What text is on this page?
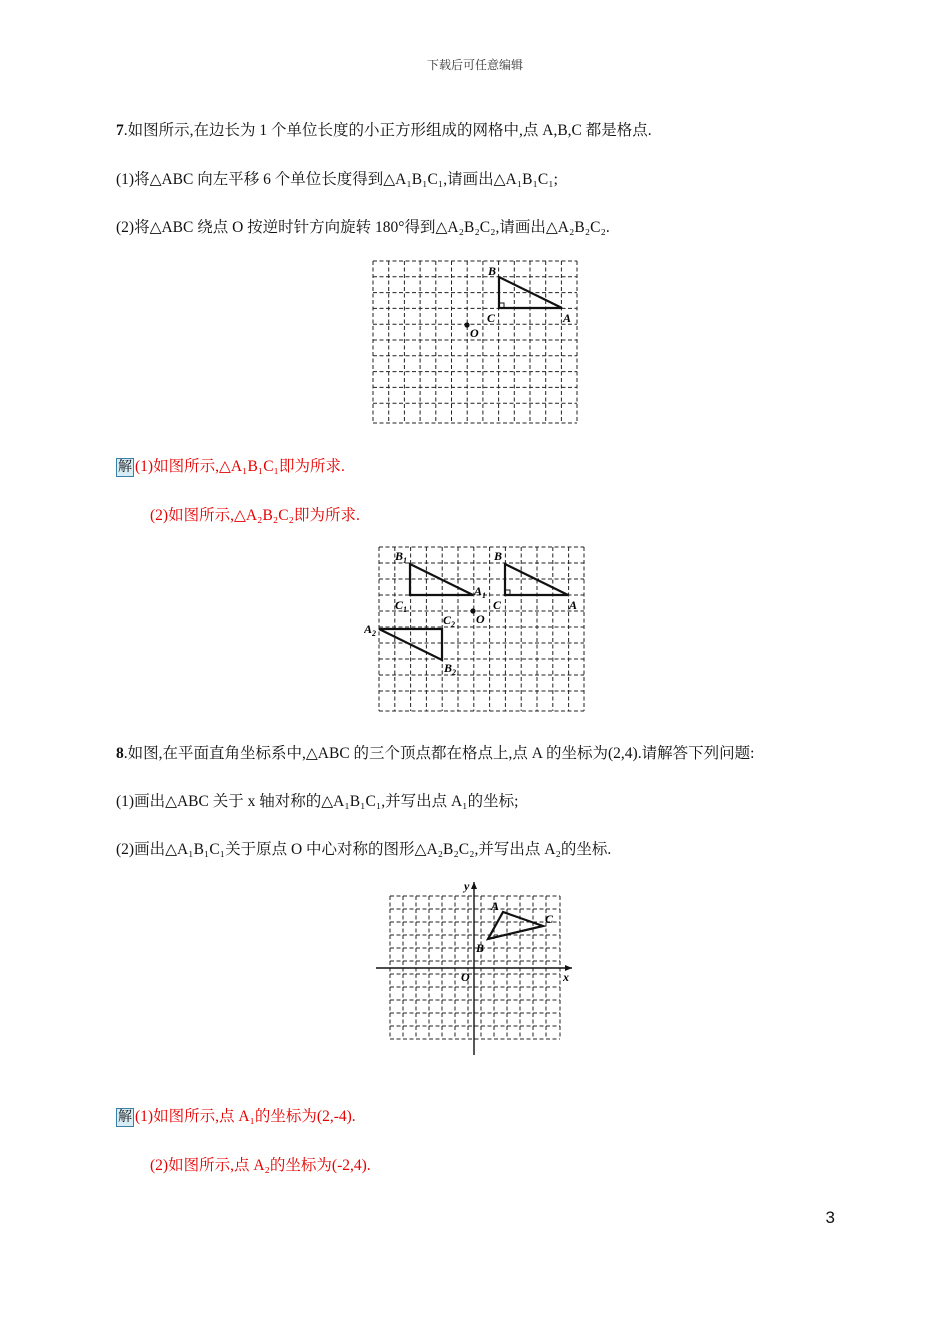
下载后可任意编辑
7.如图所示,在边长为 1 个单位长度的小正方形组成的网格中,点 A,B,C 都是格点.
(1)将△ABC 向左平移 6 个单位长度得到△A₁B₁C₁,请画出△A₁B₁C₁;
(2)将△ABC 绕点 O 按逆时针方向旋转 180°得到△A₂B₂C₂,请画出△A₂B₂C₂.
B
C	A
O
解 (1)如图所示,△A₁B₁C₁即为所求.
(2)如图所示,△A₂B₂C₂即为所求.
$B_1$
$C_1$
$A_1$
B
C	A
O
$A_2$
$C_2$
$B_2$
8.如图,在平面直角坐标系中,△ABC 的三个顶点都在格点上,点 A 的坐标为(2,4).请解答下列问题:
(1)画出△ABC 关于 x 轴对称的△A₁B₁C₁,并写出点 A₁的坐标;
(2)画出△A₁B₁C₁关于原点 O 中心对称的图形△A₂B₂C₂,并写出点 A₂的坐标.
A
B
C
O	x
y
解 (1)如图所示,点 A₁的坐标为(2,-4).
(2)如图所示,点 A₂的坐标为(-2,4).
3
